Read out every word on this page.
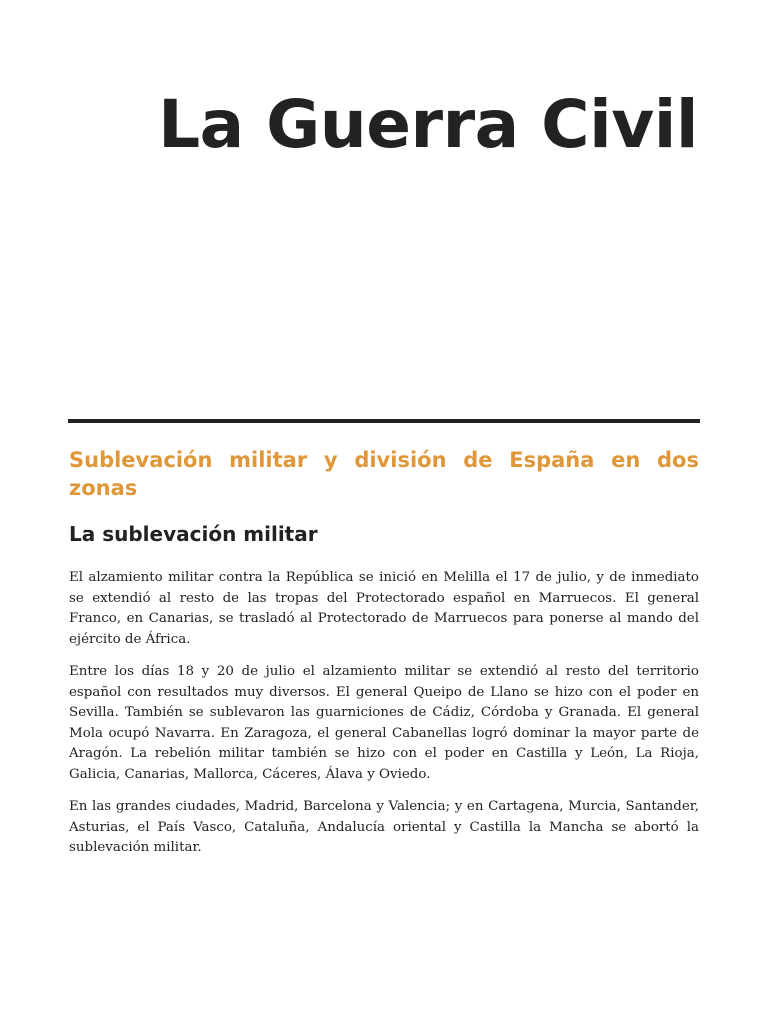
La Guerra Civil
Sublevación militar y división de España en dos zonas
La sublevación militar

El alzamiento militar contra la República se inició en Melilla el 17 de julio, y de inmediato se extendió al resto de las tropas del Protectorado español en Marruecos. El general Franco, en Canarias, se trasladó al Protectorado de Marruecos para ponerse al mando del ejército de África.

Entre los días 18 y 20 de julio el alzamiento militar se extendió al resto del territorio español con resultados muy diversos. El general Queipo de Llano se hizo con el poder en Sevilla. También se sublevaron las guarniciones de Cádiz, Córdoba y Granada. El general Mola ocupó Navarra. En Zaragoza, el general Cabanellas logró dominar la mayor parte de Aragón. La rebelión militar también se hizo con el poder en Castilla y León, La Rioja, Galicia, Canarias, Mallorca, Cáceres, Álava y Oviedo.

En las grandes ciudades, Madrid, Barcelona y Valencia; y en Cartagena, Murcia, Santander, Asturias, el País Vasco, Cataluña, Andalucía oriental y Castilla la Mancha se abortó la sublevación militar.
